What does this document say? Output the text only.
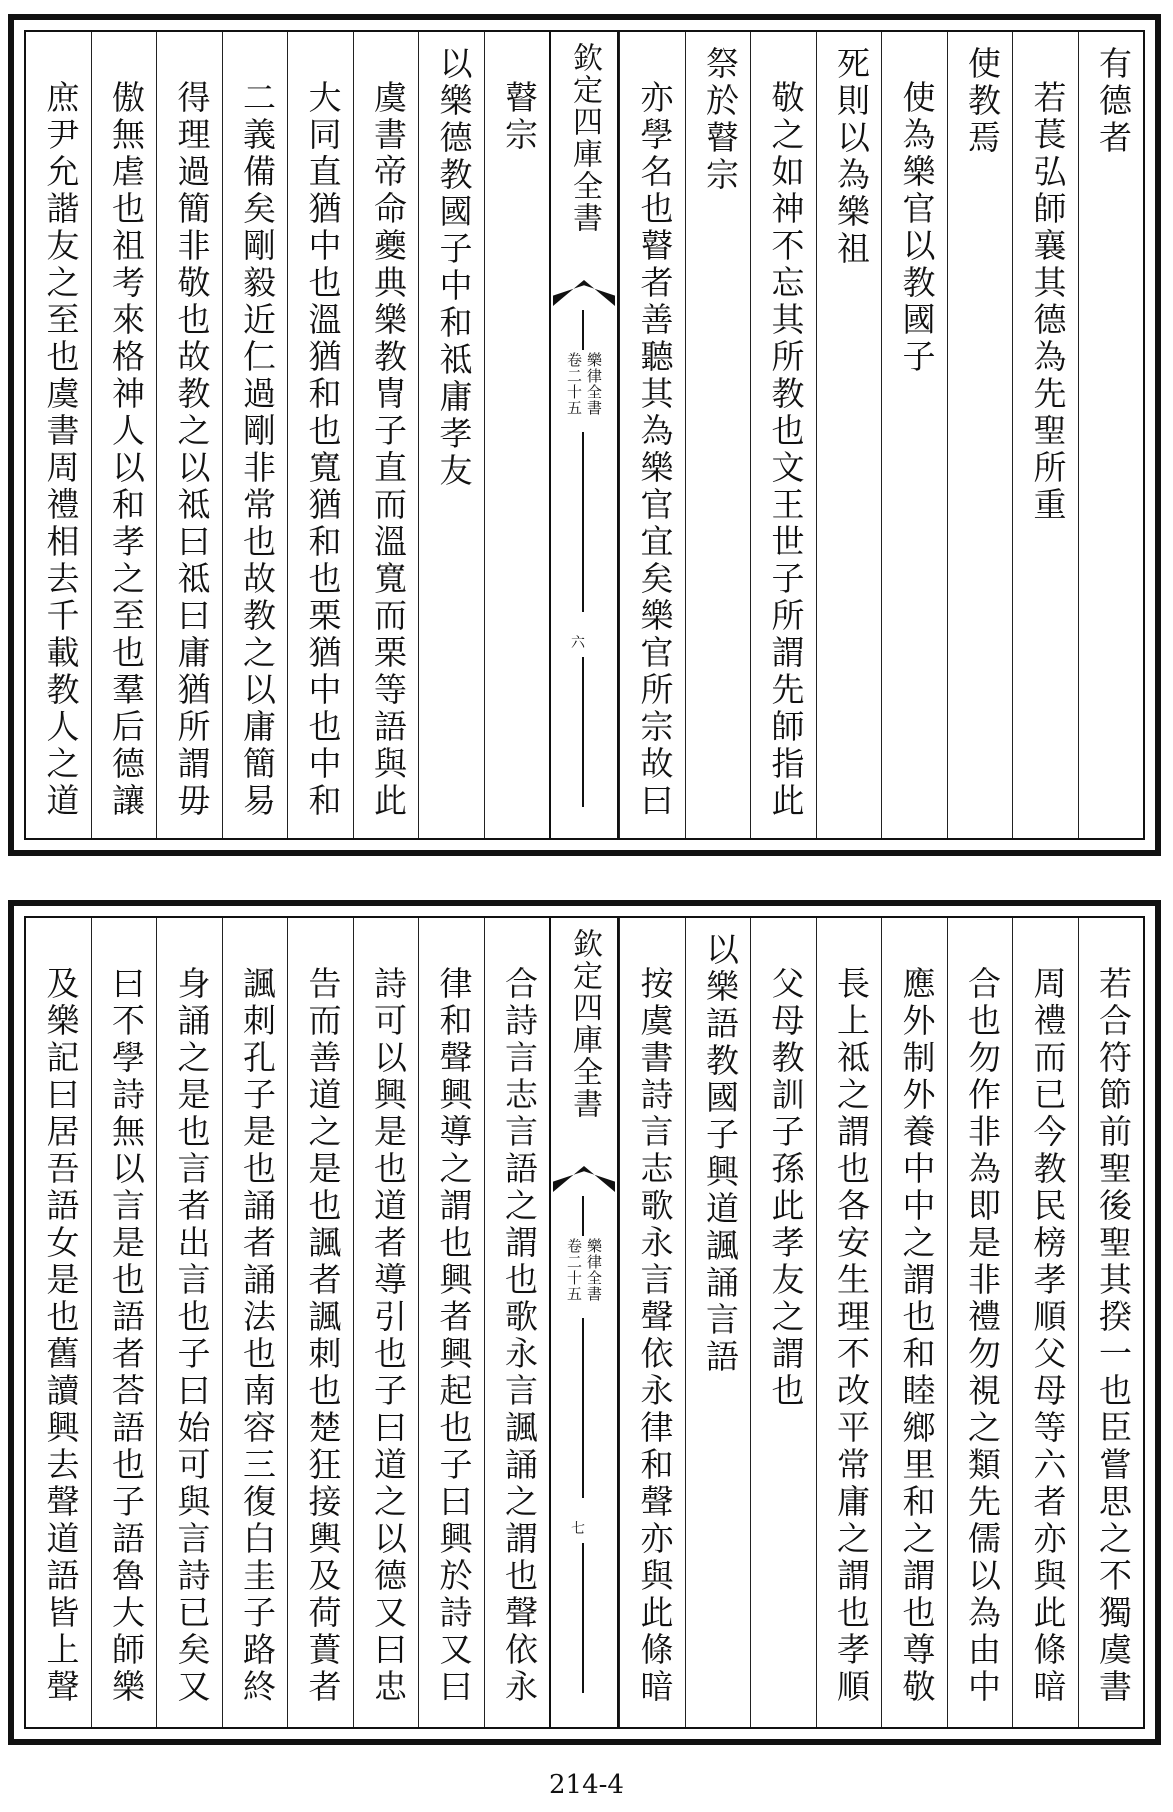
有德者
若萇弘師襄其德為先聖所重
使教焉
使為樂官以教國子
死則以為樂祖
敬之如神不忘其所教也文王世子所謂先師指此
祭於瞽宗
亦學名也瞽者善聽其為樂官宜矣樂官所宗故曰
欽定四庫全書
樂律全書
卷二十五
六
瞽宗
以樂德教國子中和祗庸孝友
虞書帝命夔典樂教冑子直而溫寬而栗等語與此
大同直猶中也溫猶和也寬猶和也栗猶中也中和
二義備矣剛毅近仁過剛非常也故教之以庸簡易
得理過簡非敬也故教之以祗曰祗曰庸猶所謂毋
傲無虐也祖考來格神人以和孝之至也羣后德讓
庶尹允諧友之至也虞書周禮相去千載教人之道
若合符節前聖後聖其揆一也臣嘗思之不獨虞書
周禮而已今教民榜孝順父母等六者亦與此條暗
合也勿作非為即是非禮勿視之類先儒以為由中
應外制外養中中之謂也和睦鄉里和之謂也尊敬
長上祗之謂也各安生理不改平常庸之謂也孝順
父母教訓子孫此孝友之謂也
以樂語教國子興道諷誦言語
按虞書詩言志歌永言聲依永律和聲亦與此條暗
欽定四庫全書
樂律全書
卷二十五
七
合詩言志言語之謂也歌永言諷誦之謂也聲依永
律和聲興導之謂也興者興起也子曰興於詩又曰
詩可以興是也道者導引也子曰道之以德又曰忠
告而善道之是也諷者諷刺也楚狂接輿及荷蕢者
諷刺孔子是也誦者誦法也南容三復白圭子路終
身誦之是也言者出言也子曰始可與言詩已矣又
曰不學詩無以言是也語者荅語也子語魯大師樂
及樂記曰居吾語女是也舊讀興去聲道語皆上聲
214-4
